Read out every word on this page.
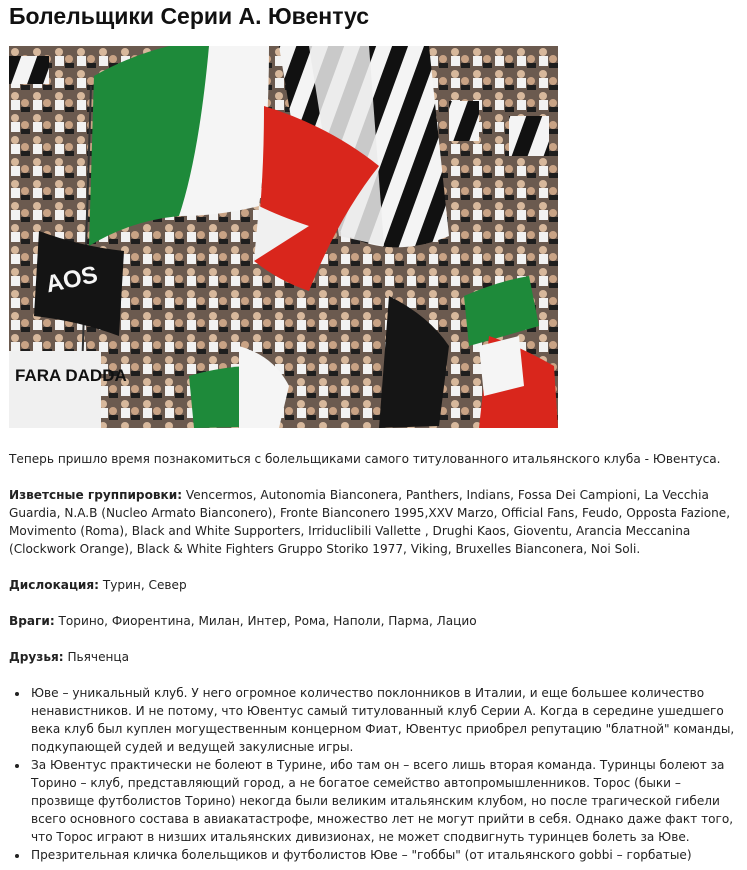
Болельщики Серии А. Ювентус
AOS
FARA DADDA

Теперь пришло время познакомиться с болельщиками самого титулованного итальянского клуба - Ювентуса.

Изветсные группировки: Vencermos, Autonomia Bianconera, Panthers, Indians, Fossa Dei Campioni, La Vecchia Guardia, N.A.B (Nucleo Armato Bianconero), Fronte Bianconero 1995,XXV Marzo, Official Fans, Feudo, Opposta Fazione, Movimento (Roma), Black and White Supporters, Irriduclibili Vallette , Drughi Kaos, Gioventu, Arancia Meccanina (Clockwork Orange), Black & White Fighters Gruppo Storiko 1977, Viking, Bruxelles Bianconera, Noi Soli.

Дислокация: Турин, Север

Враги: Торино, Фиорентина, Милан, Интер, Рома, Наполи, Парма, Лацио

Друзья: Пьяченца

• Юве – уникальный клуб. У него огромное количество поклонников в Италии, и еще большее количество ненавистников. И не потому, что Ювентус самый титулованный клуб Серии А. Когда в середине ушедшего века клуб был куплен могущественным концерном Фиат, Ювентус приобрел репутацию "блатной" команды, подкупающей судей и ведущей закулисные игры.
• За Ювентус практически не болеют в Турине, ибо там он – всего лишь вторая команда. Туринцы болеют за Торино – клуб, представляющий город, а не богатое семейство автопромышленников. Торос (быки – прозвище футболистов Торино) некогда были великим итальянским клубом, но после трагической гибели всего основного состава в авиакатастрофе, множество лет не могут прийти в себя. Однако даже факт того, что Торос играют в низших итальянских дивизионах, не может сподвигнуть туринцев болеть за Юве.
• Презрительная кличка болельщиков и футболистов Юве – "гоббы" (от итальянского gobbi – горбатые)
